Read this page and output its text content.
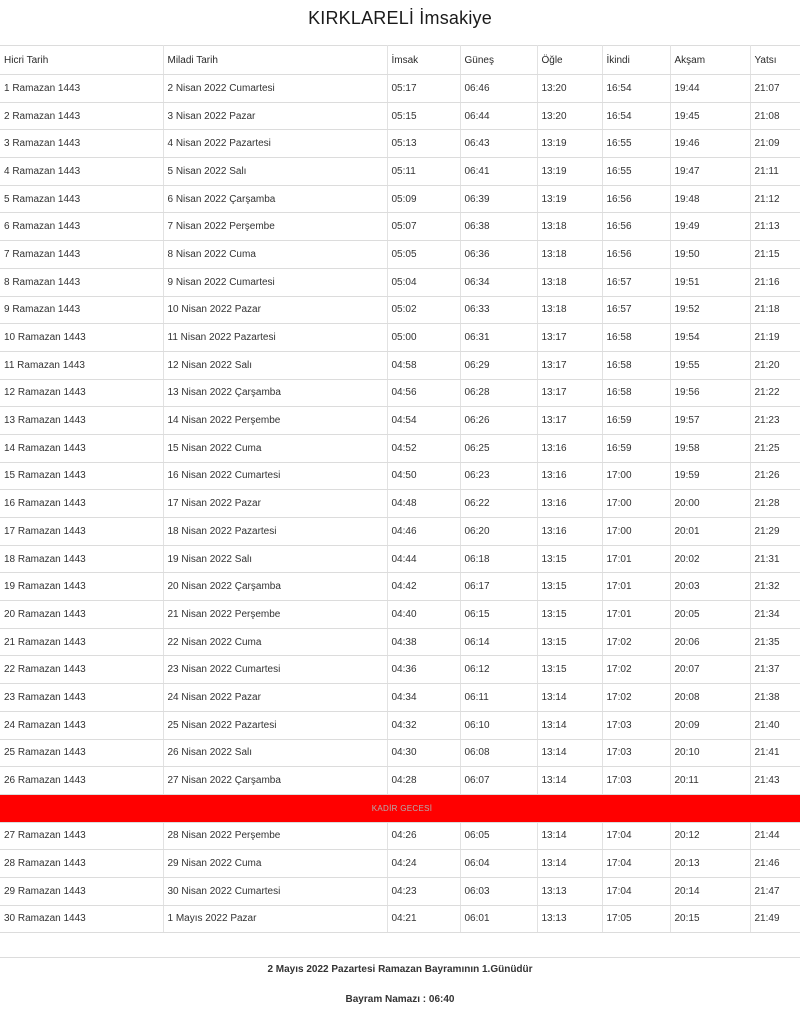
KIRKLARELİ İmsakiye
Hicri Tarih	Miladi Tarih	İmsak	Güneş	Öğle	İkindi	Akşam	Yatsı
1 Ramazan 1443	2 Nisan 2022 Cumartesi	05:17	06:46	13:20	16:54	19:44	21:07
2 Ramazan 1443	3 Nisan 2022 Pazar	05:15	06:44	13:20	16:54	19:45	21:08
3 Ramazan 1443	4 Nisan 2022 Pazartesi	05:13	06:43	13:19	16:55	19:46	21:09
4 Ramazan 1443	5 Nisan 2022 Salı	05:11	06:41	13:19	16:55	19:47	21:11
5 Ramazan 1443	6 Nisan 2022 Çarşamba	05:09	06:39	13:19	16:56	19:48	21:12
6 Ramazan 1443	7 Nisan 2022 Perşembe	05:07	06:38	13:18	16:56	19:49	21:13
7 Ramazan 1443	8 Nisan 2022 Cuma	05:05	06:36	13:18	16:56	19:50	21:15
8 Ramazan 1443	9 Nisan 2022 Cumartesi	05:04	06:34	13:18	16:57	19:51	21:16
9 Ramazan 1443	10 Nisan 2022 Pazar	05:02	06:33	13:18	16:57	19:52	21:18
10 Ramazan 1443	11 Nisan 2022 Pazartesi	05:00	06:31	13:17	16:58	19:54	21:19
11 Ramazan 1443	12 Nisan 2022 Salı	04:58	06:29	13:17	16:58	19:55	21:20
12 Ramazan 1443	13 Nisan 2022 Çarşamba	04:56	06:28	13:17	16:58	19:56	21:22
13 Ramazan 1443	14 Nisan 2022 Perşembe	04:54	06:26	13:17	16:59	19:57	21:23
14 Ramazan 1443	15 Nisan 2022 Cuma	04:52	06:25	13:16	16:59	19:58	21:25
15 Ramazan 1443	16 Nisan 2022 Cumartesi	04:50	06:23	13:16	17:00	19:59	21:26
16 Ramazan 1443	17 Nisan 2022 Pazar	04:48	06:22	13:16	17:00	20:00	21:28
17 Ramazan 1443	18 Nisan 2022 Pazartesi	04:46	06:20	13:16	17:00	20:01	21:29
18 Ramazan 1443	19 Nisan 2022 Salı	04:44	06:18	13:15	17:01	20:02	21:31
19 Ramazan 1443	20 Nisan 2022 Çarşamba	04:42	06:17	13:15	17:01	20:03	21:32
20 Ramazan 1443	21 Nisan 2022 Perşembe	04:40	06:15	13:15	17:01	20:05	21:34
21 Ramazan 1443	22 Nisan 2022 Cuma	04:38	06:14	13:15	17:02	20:06	21:35
22 Ramazan 1443	23 Nisan 2022 Cumartesi	04:36	06:12	13:15	17:02	20:07	21:37
23 Ramazan 1443	24 Nisan 2022 Pazar	04:34	06:11	13:14	17:02	20:08	21:38
24 Ramazan 1443	25 Nisan 2022 Pazartesi	04:32	06:10	13:14	17:03	20:09	21:40
25 Ramazan 1443	26 Nisan 2022 Salı	04:30	06:08	13:14	17:03	20:10	21:41
26 Ramazan 1443	27 Nisan 2022 Çarşamba	04:28	06:07	13:14	17:03	20:11	21:43
KADİR GECESİ							
27 Ramazan 1443	28 Nisan 2022 Perşembe	04:26	06:05	13:14	17:04	20:12	21:44
28 Ramazan 1443	29 Nisan 2022 Cuma	04:24	06:04	13:14	17:04	20:13	21:46
29 Ramazan 1443	30 Nisan 2022 Cumartesi	04:23	06:03	13:13	17:04	20:14	21:47
30 Ramazan 1443	1 Mayıs 2022 Pazar	04:21	06:01	13:13	17:05	20:15	21:49
2 Mayıs 2022 Pazartesi Ramazan Bayramının 1.Günüdür
Bayram Namazı : 06:40
